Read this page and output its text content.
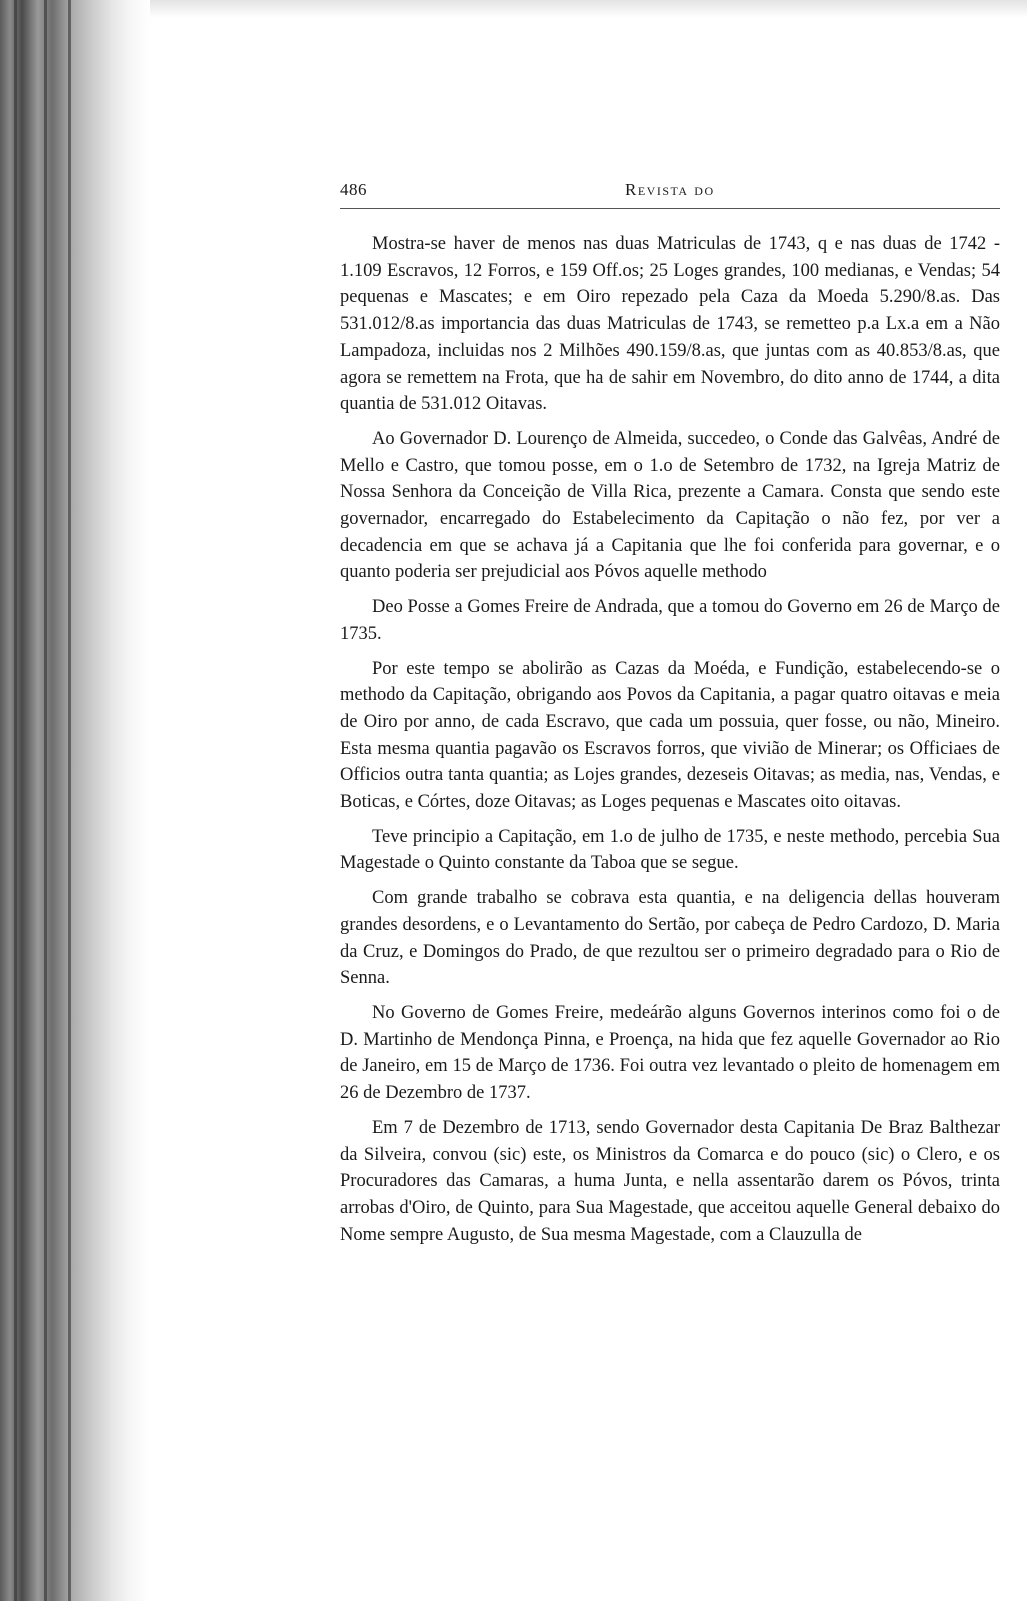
486	Revista do

Mostra-se haver de menos nas duas Matriculas de 1743, q e nas duas de 1742 - 1.109 Escravos, 12 Forros, e 159 Off.os; 25 Loges grandes, 100 medianas, e Vendas; 54 pequenas e Mascates; e em Oiro repezado pela Caza da Moeda 5.290/8.as. Das 531.012/8.as importancia das duas Matriculas de 1743, se remetteo p.a Lx.a em a Não Lampadoza, incluidas nos 2 Milhões 490.159/8.as, que juntas com as 40.853/8.as, que agora se remettem na Frota, que ha de sahir em Novembro, do dito anno de 1744, a dita quantia de 531.012 Oitavas.

Ao Governador D. Lourenço de Almeida, succedeo, o Conde das Galvêas, André de Mello e Castro, que tomou posse, em o 1.o de Setembro de 1732, na Igreja Matriz de Nossa Senhora da Conceição de Villa Rica, prezente a Camara. Consta que sendo este governador, encarregado do Estabelecimento da Capitação o não fez, por ver a decadencia em que se achava já a Capitania que lhe foi conferida para governar, e o quanto poderia ser prejudicial aos Póvos aquelle methodo

Deo Posse a Gomes Freire de Andrada, que a tomou do Governo em 26 de Março de 1735.

Por este tempo se abolirão as Cazas da Moéda, e Fundição, estabelecendo-se o methodo da Capitação, obrigando aos Povos da Capitania, a pagar quatro oitavas e meia de Oiro por anno, de cada Escravo, que cada um possuia, quer fosse, ou não, Mineiro. Esta mesma quantia pagavão os Escravos forros, que vivião de Minerar; os Officiaes de Officios outra tanta quantia; as Lojes grandes, dezeseis Oitavas; as media, nas, Vendas, e Boticas, e Córtes, doze Oitavas; as Loges pequenas e Mascates oito oitavas.

Teve principio a Capitação, em 1.o de julho de 1735, e neste methodo, percebia Sua Magestade o Quinto constante da Taboa que se segue.

Com grande trabalho se cobrava esta quantia, e na deligencia dellas houveram grandes desordens, e o Levantamento do Sertão, por cabeça de Pedro Cardozo, D. Maria da Cruz, e Domingos do Prado, de que rezultou ser o primeiro degradado para o Rio de Senna.

No Governo de Gomes Freire, medeárão alguns Governos interinos como foi o de D. Martinho de Mendonça Pinna, e Proença, na hida que fez aquelle Governador ao Rio de Janeiro, em 15 de Março de 1736. Foi outra vez levantado o pleito de homenagem em 26 de Dezembro de 1737.

Em 7 de Dezembro de 1713, sendo Governador desta Capitania De Braz Balthezar da Silveira, convou (sic) este, os Ministros da Comarca e do pouco (sic) o Clero, e os Procuradores das Camaras, a huma Junta, e nella assentarão darem os Póvos, trinta arrobas d'Oiro, de Quinto, para Sua Magestade, que acceitou aquelle General debaixo do Nome sempre Augusto, de Sua mesma Magestade, com a Clauzulla de
